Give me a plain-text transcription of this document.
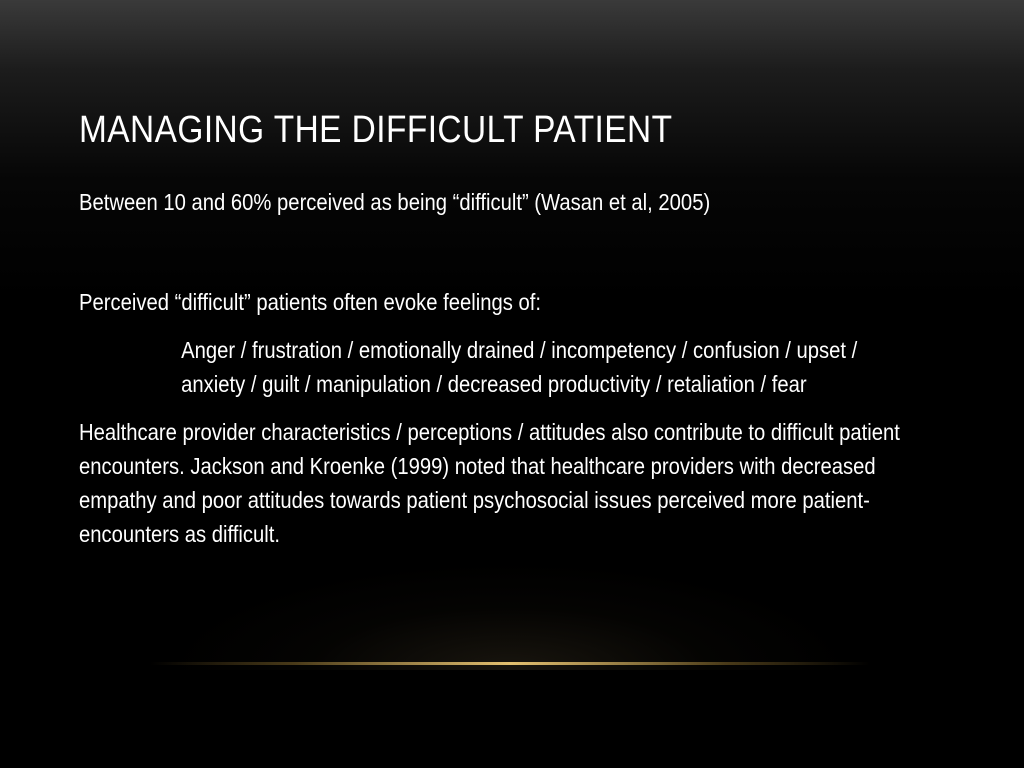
MANAGING THE DIFFICULT PATIENT

Between 10 and 60% perceived as being “difficult” (Wasan et al, 2005)

Perceived “difficult” patients often evoke feelings of:

Anger / frustration / emotionally drained / incompetency / confusion / upset / anxiety / guilt / manipulation / decreased productivity / retaliation / fear

Healthcare provider characteristics / perceptions / attitudes also contribute to difficult patient encounters. Jackson and Kroenke (1999) noted that healthcare providers with decreased empathy and poor attitudes towards patient psychosocial issues perceived more patient-encounters as difficult.
